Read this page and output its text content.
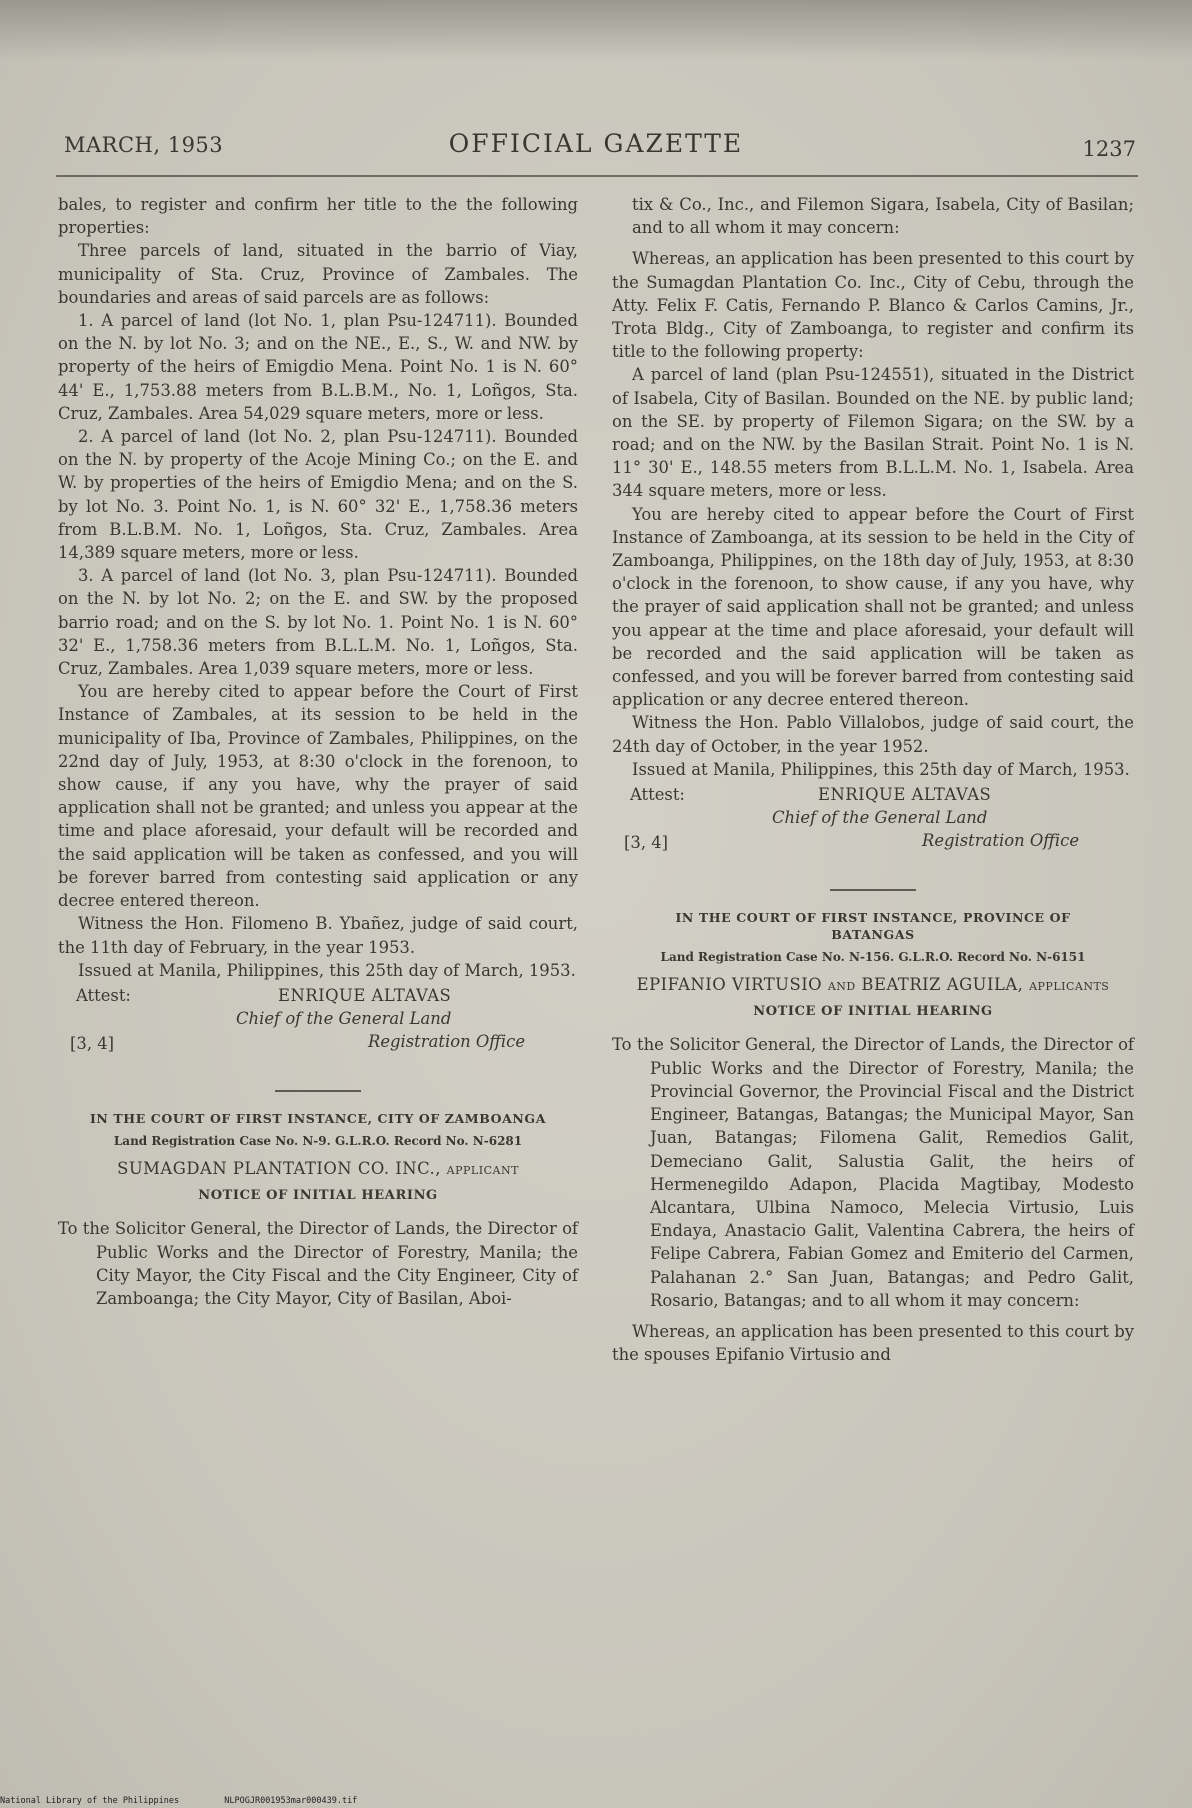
MARCH, 1953	OFFICIAL GAZETTE	1237

bales, to register and confirm her title to the the following properties:

Three parcels of land, situated in the barrio of Viay, municipality of Sta. Cruz, Province of Zambales. The boundaries and areas of said parcels are as follows:

1. A parcel of land (lot No. 1, plan Psu-124711). Bounded on the N. by lot No. 3; and on the NE., E., S., W. and NW. by property of the heirs of Emigdio Mena. Point No. 1 is N. 60° 44' E., 1,753.88 meters from B.L.B.M., No. 1, Loñgos, Sta. Cruz, Zambales. Area 54,029 square meters, more or less.

2. A parcel of land (lot No. 2, plan Psu-124711). Bounded on the N. by property of the Acoje Mining Co.; on the E. and W. by properties of the heirs of Emigdio Mena; and on the S. by lot No. 3. Point No. 1, is N. 60° 32' E., 1,758.36 meters from B.L.B.M. No. 1, Loñgos, Sta. Cruz, Zambales. Area 14,389 square meters, more or less.

3. A parcel of land (lot No. 3, plan Psu-124711). Bounded on the N. by lot No. 2; on the E. and SW. by the proposed barrio road; and on the S. by lot No. 1. Point No. 1 is N. 60° 32' E., 1,758.36 meters from B.L.L.M. No. 1, Loñgos, Sta. Cruz, Zambales. Area 1,039 square meters, more or less.

You are hereby cited to appear before the Court of First Instance of Zambales, at its session to be held in the municipality of Iba, Province of Zambales, Philippines, on the 22nd day of July, 1953, at 8:30 o'clock in the forenoon, to show cause, if any you have, why the prayer of said application shall not be granted; and unless you appear at the time and place aforesaid, your default will be recorded and the said application will be taken as confessed, and you will be forever barred from contesting said application or any decree entered thereon.

Witness the Hon. Filomeno B. Ybañez, judge of said court, the 11th day of February, in the year 1953.

Issued at Manila, Philippines, this 25th day of March, 1953.

Attest:	ENRIQUE ALTAVAS
Chief of the General Land
[3, 4]	Registration Office
IN THE COURT OF FIRST INSTANCE, CITY OF ZAMBOANGA
Land Registration Case No. N-9. G.L.R.O. Record No. N-6281

SUMAGDAN PLANTATION CO. INC., applicant

NOTICE OF INITIAL HEARING

To the Solicitor General, the Director of Lands, the Director of Public Works and the Director of Forestry, Manila; the City Mayor, the City Fiscal and the City Engineer, City of Zamboanga; the City Mayor, City of Basilan, Aboi-

tix & Co., Inc., and Filemon Sigara, Isabela, City of Basilan; and to all whom it may concern:

Whereas, an application has been presented to this court by the Sumagdan Plantation Co. Inc., City of Cebu, through the Atty. Felix F. Catis, Fernando P. Blanco & Carlos Camins, Jr., Trota Bldg., City of Zamboanga, to register and confirm its title to the following property:

A parcel of land (plan Psu-124551), situated in the District of Isabela, City of Basilan. Bounded on the NE. by public land; on the SE. by property of Filemon Sigara; on the SW. by a road; and on the NW. by the Basilan Strait. Point No. 1 is N. 11° 30' E., 148.55 meters from B.L.L.M. No. 1, Isabela. Area 344 square meters, more or less.

You are hereby cited to appear before the Court of First Instance of Zamboanga, at its session to be held in the City of Zamboanga, Philippines, on the 18th day of July, 1953, at 8:30 o'clock in the forenoon, to show cause, if any you have, why the prayer of said application shall not be granted; and unless you appear at the time and place aforesaid, your default will be recorded and the said application will be taken as confessed, and you will be forever barred from contesting said application or any decree entered thereon.

Witness the Hon. Pablo Villalobos, judge of said court, the 24th day of October, in the year 1952.

Issued at Manila, Philippines, this 25th day of March, 1953.

Attest:	ENRIQUE ALTAVAS
Chief of the General Land
[3, 4]	Registration Office
IN THE COURT OF FIRST INSTANCE, PROVINCE OF BATANGAS
Land Registration Case No. N-156. G.L.R.O. Record No. N-6151

EPIFANIO VIRTUSIO and BEATRIZ AGUILA, applicants

NOTICE OF INITIAL HEARING

To the Solicitor General, the Director of Lands, the Director of Public Works and the Director of Forestry, Manila; the Provincial Governor, the Provincial Fiscal and the District Engineer, Batangas, Batangas; the Municipal Mayor, San Juan, Batangas; Filomena Galit, Remedios Galit, Demeciano Galit, Salustia Galit, the heirs of Hermenegildo Adapon, Placida Magtibay, Modesto Alcantara, Ulbina Namoco, Melecia Virtusio, Luis Endaya, Anastacio Galit, Valentina Cabrera, the heirs of Felipe Cabrera, Fabian Gomez and Emiterio del Carmen, Palahanan 2.° San Juan, Batangas; and Pedro Galit, Rosario, Batangas; and to all whom it may concern:

Whereas, an application has been presented to this court by the spouses Epifanio Virtusio and

National Library of the Philippines	NLPOGJR001953mar000439.tif
